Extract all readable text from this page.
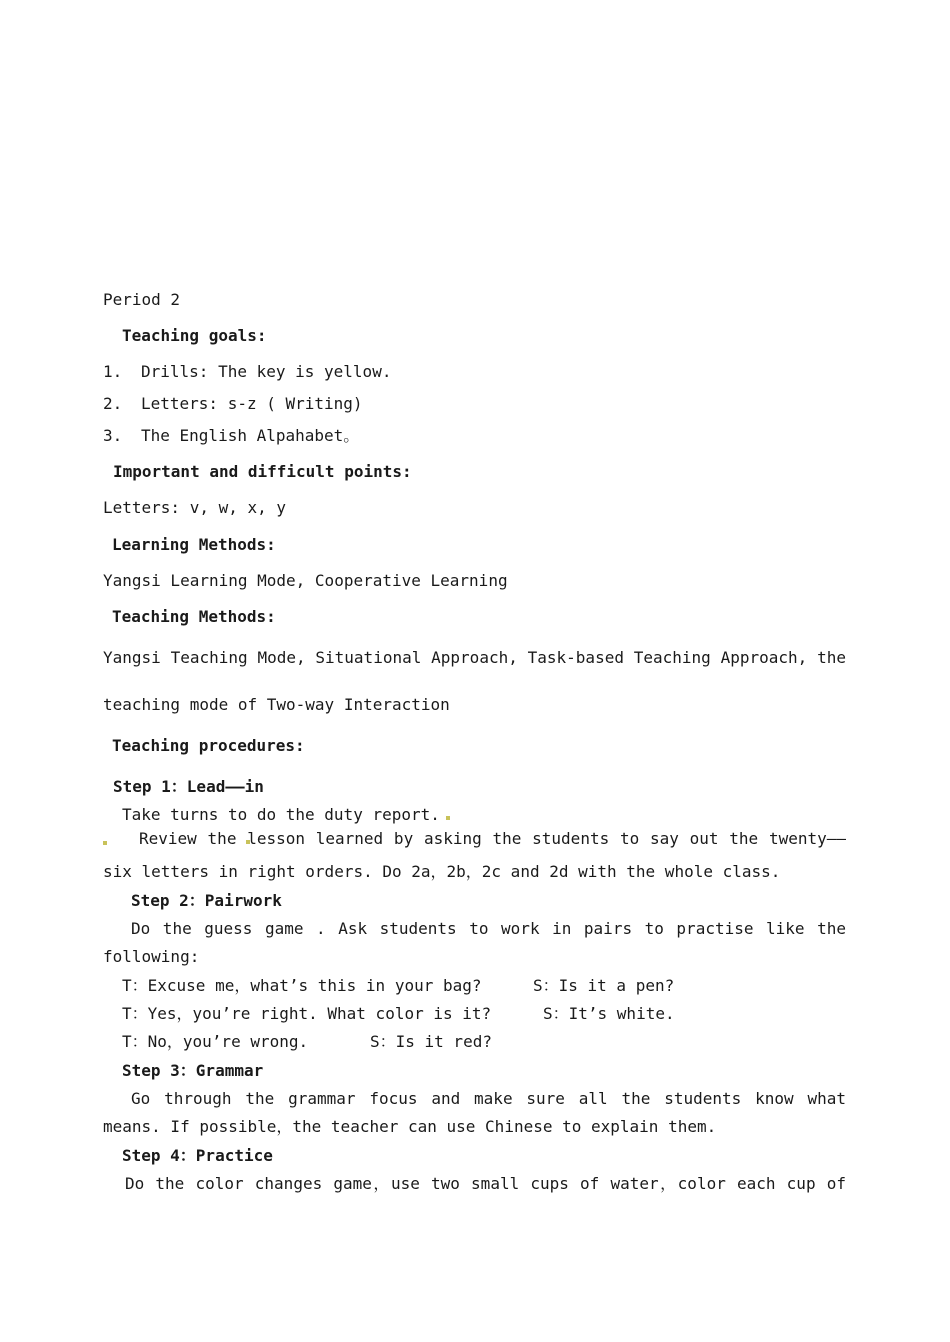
Period 2
Teaching goals:
1. Drills: The key is yellow.
2. Letters: s-z ( Writing)
3. The English Alpahabet。
Important and difficult points:
Letters: v, w, x, y
Learning Methods:
Yangsi Learning Mode, Cooperative Learning
Teaching Methods:
Yangsi Teaching Mode, Situational Approach, Task-based Teaching Approach, the
teaching mode of Two-way Interaction
Teaching procedures:
Step 1：Lead——in
Take turns to do the duty report.
Review the lesson learned by asking the students to say out the twenty——
six letters in right orders. Do 2a，2b，2c and 2d with the whole class.
Step 2：Pairwork
Do the guess game . Ask students to work in pairs to practise like the
following:
T：Excuse me，what’s this in your bag?	S：Is it a pen?
T：Yes，you’re right. What color is it?	S：It’s white.
T：No，you’re wrong.	S：Is it red?
Step 3：Grammar
Go through the grammar focus and make sure all the students know what
means. If possible，the teacher can use Chinese to explain them.
Step 4：Practice
Do the color changes game，use two small cups of water，color each cup of
